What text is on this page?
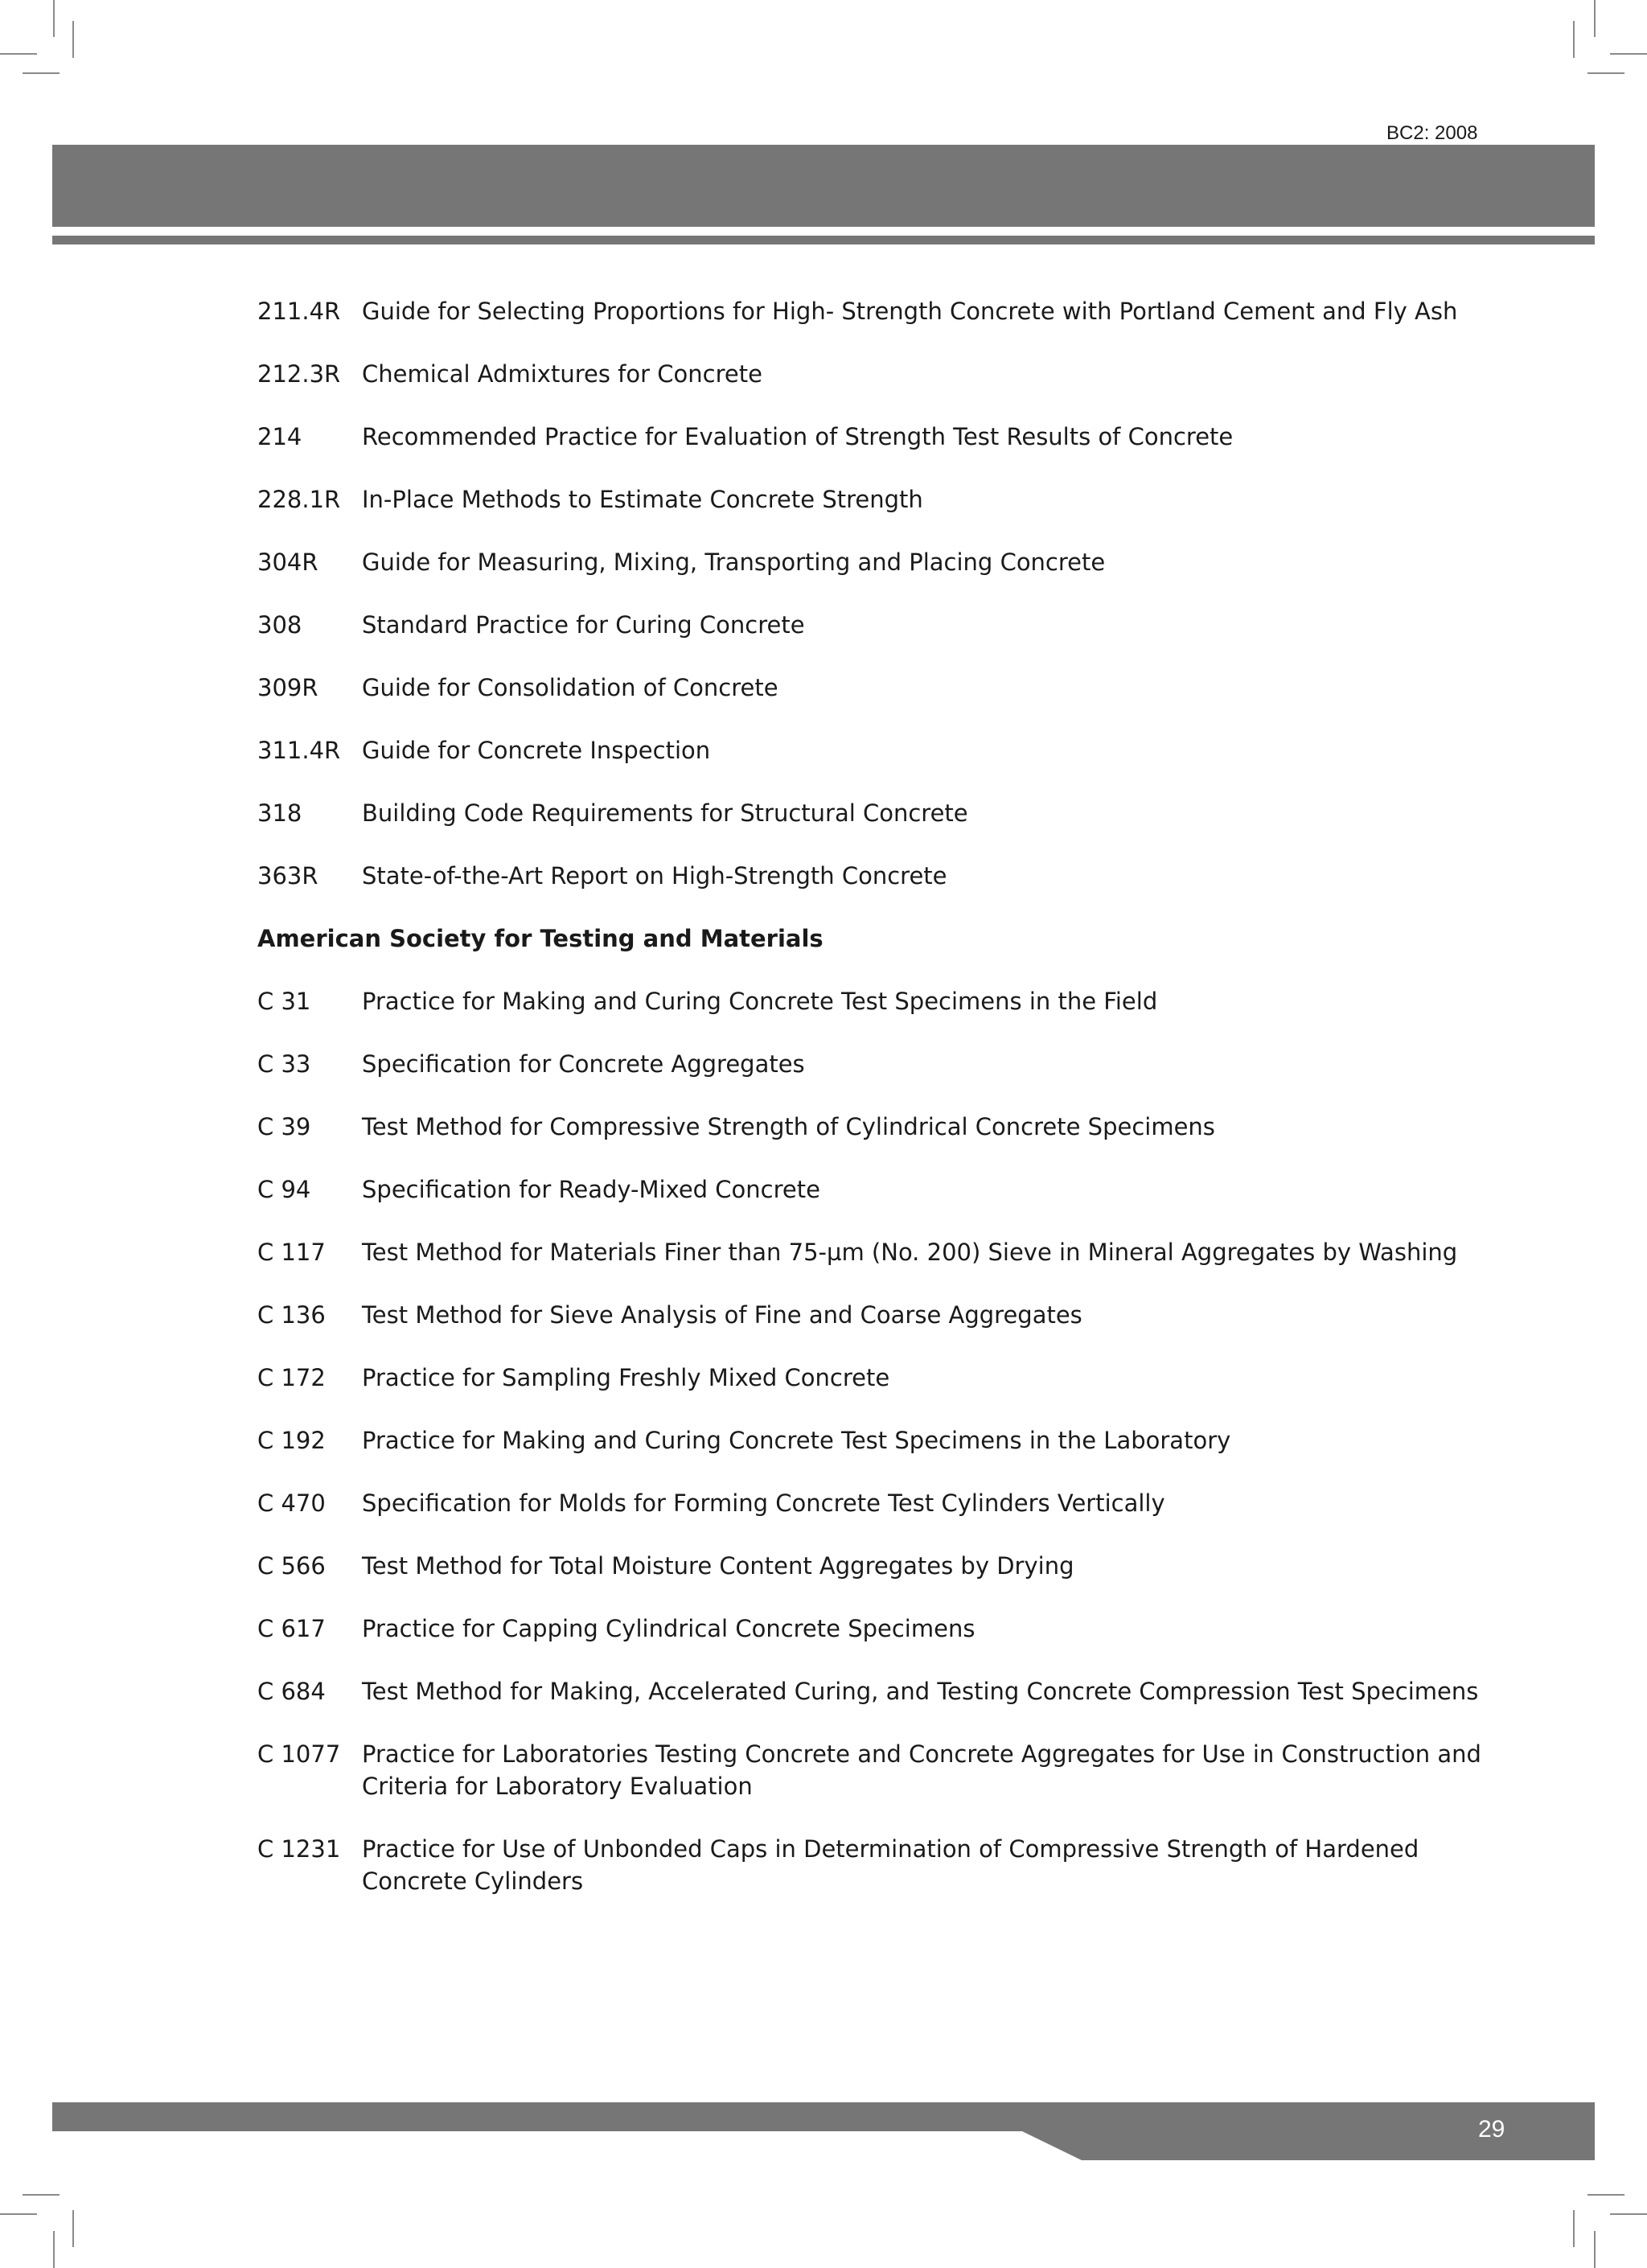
BC2: 2008

211.4R Guide for Selecting Proportions for High- Strength Concrete with Portland Cement and Fly Ash
212.3R Chemical Admixtures for Concrete
214	Recommended Practice for Evaluation of Strength Test Results of Concrete
228.1R In-Place Methods to Estimate Concrete Strength
304R	Guide for Measuring, Mixing, Transporting and Placing Concrete
308	Standard Practice for Curing Concrete
309R	Guide for Consolidation of Concrete
311.4R Guide for Concrete Inspection
318	Building Code Requirements for Structural Concrete
363R	State-of-the-Art Report on High-Strength Concrete
American Society for Testing and Materials
C 31	Practice for Making and Curing Concrete Test Specimens in the Field
C 33	Specification for Concrete Aggregates
C 39	Test Method for Compressive Strength of Cylindrical Concrete Specimens
C 94	Specification for Ready-Mixed Concrete
C 117	Test Method for Materials Finer than 75-µm (No. 200) Sieve in Mineral Aggregates by Washing
C 136	Test Method for Sieve Analysis of Fine and Coarse Aggregates
C 172	Practice for Sampling Freshly Mixed Concrete
C 192	Practice for Making and Curing Concrete Test Specimens in the Laboratory
C 470	Specification for Molds for Forming Concrete Test Cylinders Vertically
C 566	Test Method for Total Moisture Content Aggregates by Drying
C 617	Practice for Capping Cylindrical Concrete Specimens
C 684	Test Method for Making, Accelerated Curing, and Testing Concrete Compression Test Specimens
C 1077 Practice for Laboratories Testing Concrete and Concrete Aggregates for Use in Construction and Criteria for Laboratory Evaluation
C 1231 Practice for Use of Unbonded Caps in Determination of Compressive Strength of Hardened Concrete Cylinders
29
